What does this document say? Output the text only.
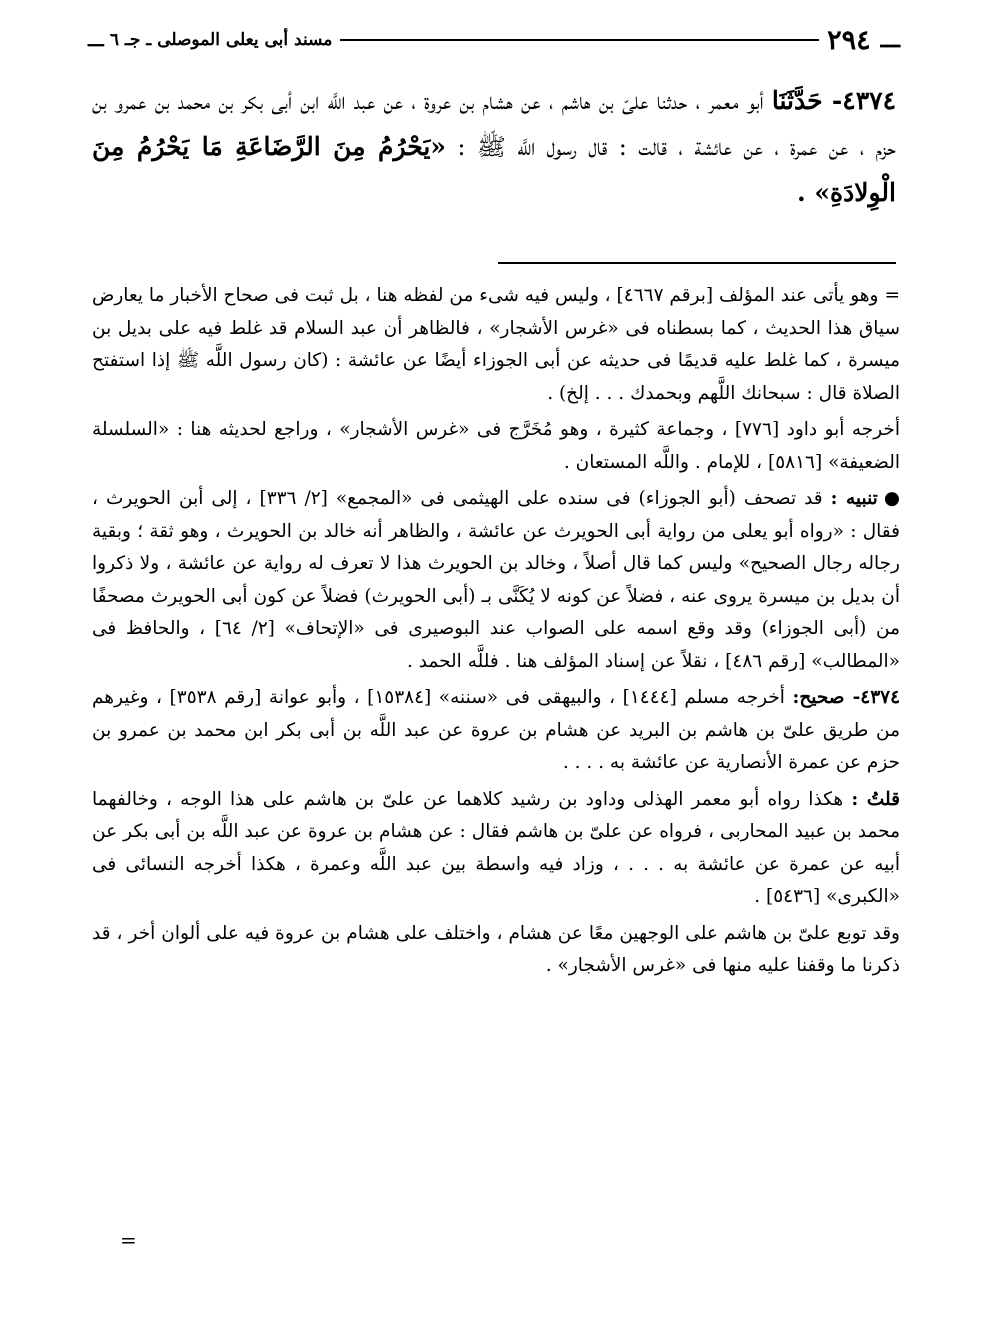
ـــ
٢٩٤
مسند أبى يعلى الموصلى ـ جـ ٦
ـــ
٤٣٧٤- حَدَّثَنَا أبو معمر ، حدثنا علىّ بن هاشم ، عن هشام بن عروة ، عن عبد اللَّه ابن أبى بكر بن محمد بن عمرو بن حزم ، عن عمرة ، عن عائشة ، قالت : قال رسول اللَّه ﷺ : «يَحْرُمُ مِنَ الرَّضَاعَةِ مَا يَحْرُمُ مِنَ الْوِلادَةِ» .

=وهو يأتى عند المؤلف [برقم ٤٦٦٧] ، وليس فيه شىء من لفظه هنا ، بل ثبت فى صحاح الأخبار ما يعارض سياق هذا الحديث ، كما بسطناه فى «غرس الأشجار» ، فالظاهر أن عبد السلام قد غلط فيه على بديل بن ميسرة ، كما غلط عليه قديمًا فى حديثه عن أبى الجوزاء أيضًا عن عائشة : (كان رسول اللَّه ﷺ إذا استفتح الصلاة قال : سبحانك اللَّهم وبحمدك . . . إلخ) .

أخرجه أبو داود [٧٧٦] ، وجماعة كثيرة ، وهو مُخَرَّج فى «غرس الأشجار» ، وراجع لحديثه هنا : «السلسلة الضعيفة» [٥٨١٦] ، للإمام . واللَّه المستعان .

●تنبيه : قد تصحف (أبو الجوزاء) فى سنده على الهيثمى فى «المجمع» [٢/ ٣٣٦] ، إلى أبن الحويرث ، فقال : «رواه أبو يعلى من رواية أبى الحويرث عن عائشة ، والظاهر أنه خالد بن الحويرث ، وهو ثقة ؛ وبقية رجاله رجال الصحيح» وليس كما قال أصلاً ، وخالد بن الحويرث هذا لا تعرف له رواية عن عائشة ، ولا ذكروا أن بديل بن ميسرة يروى عنه ، فضلاً عن كونه لا يُكَنَّى بـ (أبى الحويرث) فضلاً عن كون أبى الحويرث مصحفًا من (أبى الجوزاء) وقد وقع اسمه على الصواب عند البوصيرى فى «الإتحاف» [٢/ ٦٤] ، والحافظ فى «المطالب» [رقم ٤٨٦] ، نقلاً عن إسناد المؤلف هنا . فللَّه الحمد .

٤٣٧٤- صحيح: أخرجه مسلم [١٤٤٤] ، والبيهقى فى «سننه» [١٥٣٨٤] ، وأبو عوانة [رقم ٣٥٣٨] ، وغيرهم من طريق علىّ بن هاشم بن البريد عن هشام بن عروة عن عبد اللَّه بن أبى بكر ابن محمد بن عمرو بن حزم عن عمرة الأنصارية عن عائشة به . . . .

قلتُ : هكذا رواه أبو معمر الهذلى وداود بن رشيد كلاهما عن علىّ بن هاشم على هذا الوجه ، وخالفهما محمد بن عبيد المحاربى ، فرواه عن علىّ بن هاشم فقال : عن هشام بن عروة عن عبد اللَّه بن أبى بكر عن أبيه عن عمرة عن عائشة به . . . ، وزاد فيه واسطة بين عبد اللَّه وعمرة ، هكذا أخرجه النسائى فى «الكبرى» [٥٤٣٦] .

وقد توبع علىّ بن هاشم على الوجهين معًا عن هشام ، واختلف على هشام بن عروة فيه على ألوان أخر ، قد ذكرنا ما وقفنا عليه منها فى «غرس الأشجار» .

=
